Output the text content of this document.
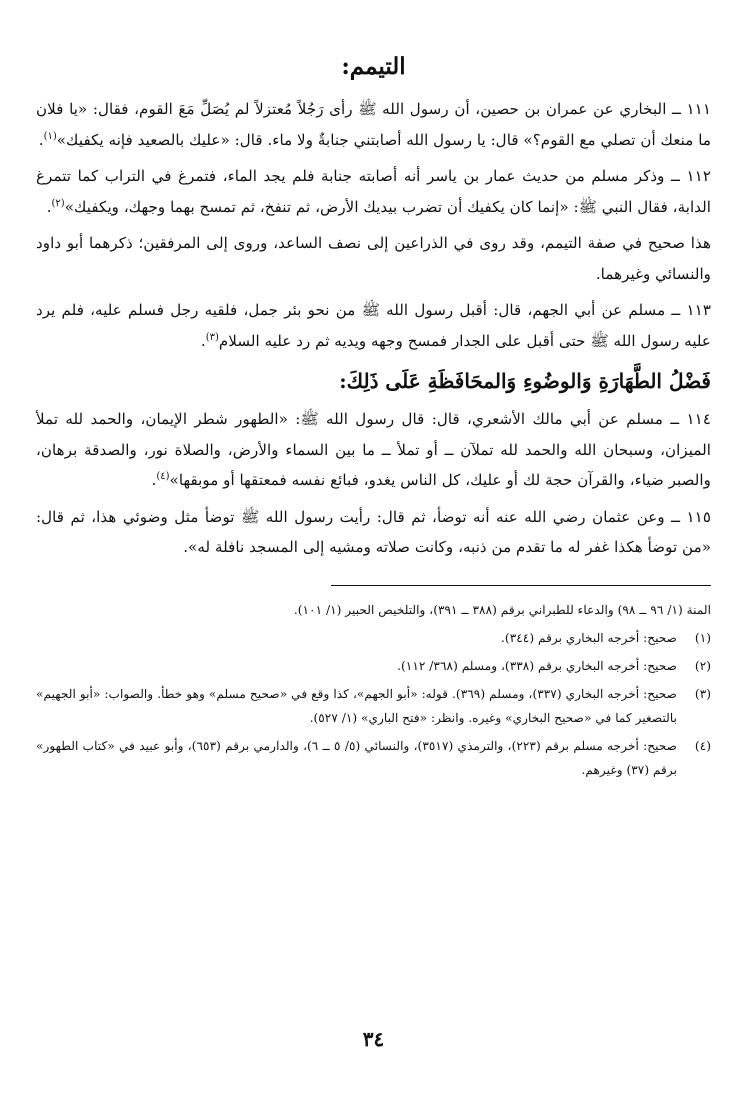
التيمم:

١١١ ــ البخاري عن عمران بن حصين، أن رسول الله ﷺ رأى رَجُلاً مُعتزلاً لم يُصَلِّ مَعَ القوم، فقال: «يا فلان ما منعك أن تصلي مع القوم؟» قال: يا رسول الله أصابتني جنابةٌ ولا ماء. قال: «عليك بالصعيد فإنه يكفيك»$^{(١)}$.

١١٢ ــ وذكر مسلم من حديث عمار بن ياسر أنه أصابته جنابة فلم يجد الماء، فتمرغ في التراب كما تتمرغ الدابة، فقال النبي ﷺ: «إنما كان يكفيك أن تضرب بيديك الأرض، ثم تنفخ، ثم تمسح بهما وجهك، ويكفيك»$^{(٢)}$.

هذا صحيح في صفة التيمم، وقد روى في الذراعين إلى نصف الساعد، وروى إلى المرفقين؛ ذكرهما أبو داود والنسائي وغيرهما.

١١٣ ــ مسلم عن أبي الجهم، قال: أقبل رسول الله ﷺ من نحو بئر جمل، فلقيه رجل فسلم عليه، فلم يرد عليه رسول الله ﷺ حتى أقبل على الجدار فمسح وجهه ويديه ثم رد عليه السلام$^{(٣)}$.

فَضْلُ الطَّهَارَةِ وَالوضُوءِ وَالمحَافَظَةِ عَلَى ذَلِكَ:

١١٤ ــ مسلم عن أبي مالك الأشعري، قال: قال رسول الله ﷺ: «الطهور شطر الإيمان، والحمد لله تملأ الميزان، وسبحان الله والحمد لله تملآن ــ أو تملأ ــ ما بين السماء والأرض، والصلاة نور، والصدقة برهان، والصبر ضياء، والقرآن حجة لك أو عليك، كل الناس يغدو، فبائع نفسه فمعتقها أو موبقها»$^{(٤)}$.

١١٥ ــ وعن عثمان رضي الله عنه أنه توضأ، ثم قال: رأيت رسول الله ﷺ توضأ مثل وضوئي هذا، ثم قال: «من توضأ هكذا غفر له ما تقدم من ذنبه، وكانت صلاته ومشيه إلى المسجد نافلة له».

المنة (١/ ٩٦ ــ ٩٨) والدعاء للطبراني برقم (٣٨٨ ــ ٣٩١)، والتلخيص الحبير (١/ ١٠١).

(١)
صحيح: أخرجه البخاري برقم (٣٤٤).
(٢)
صحيح: أخرجه البخاري برقم (٣٣٨)، ومسلم (٣٦٨/ ١١٢).
(٣)
صحيح: أخرجه البخاري (٣٣٧)، ومسلم (٣٦٩). قوله: «أبو الجهم»، كذا وقع في «صحيح مسلم» وهو خطأ. والصواب: «أبو الجهيم» بالتصغير كما في «صحيح البخاري» وغيره. وانظر: «فتح الباري» (١/ ٥٢٧).
(٤)
صحيح: أخرجه مسلم برقم (٢٢٣)، والترمذي (٣٥١٧)، والنسائي (٥/ ٥ ــ ٦)، والدارمي برقم (٦٥٣)، وأبو عبيد في «كتاب الطهور» برقم (٣٧) وغيرهم.
٣٤
